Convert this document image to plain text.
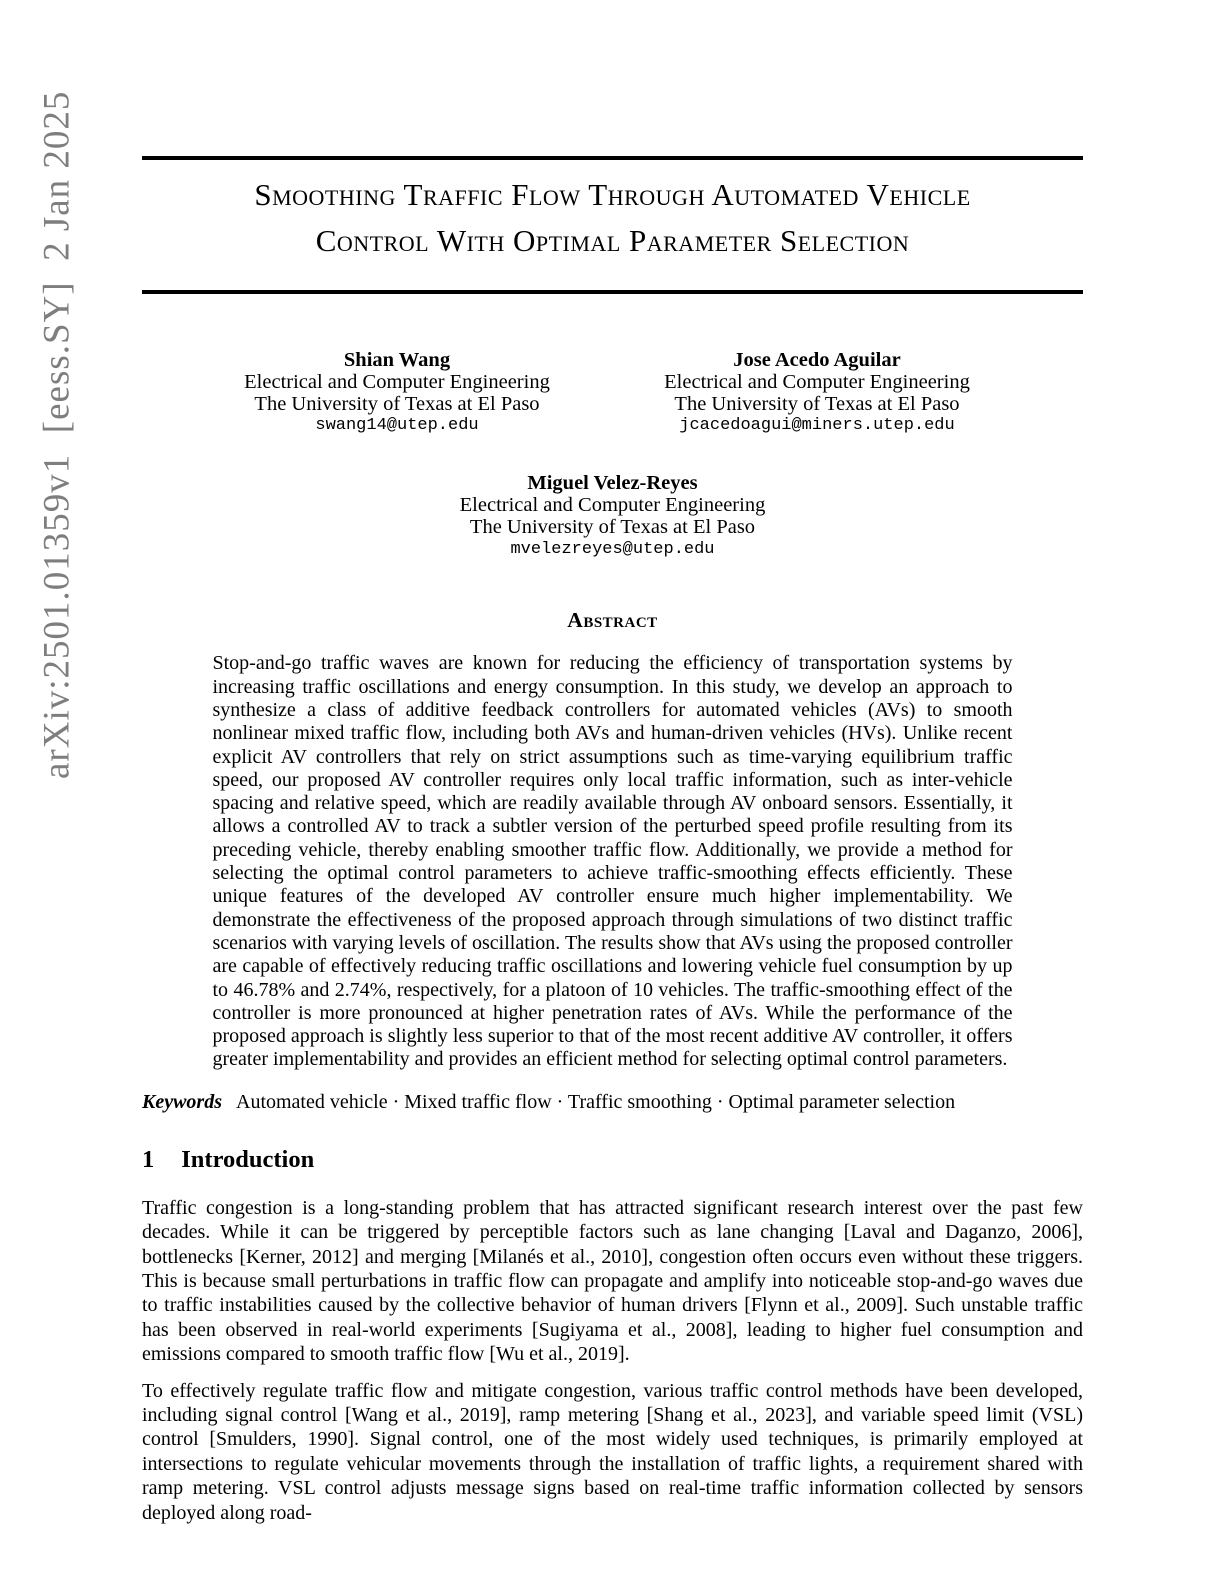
arXiv:2501.01359v1  [eess.SY]  2 Jan 2025	Smoothing Traffic Flow Through Automated Vehicle
Control With Optimal Parameter Selection
Shian Wang
Electrical and Computer Engineering
The University of Texas at El Paso
swang14@utep.edu
Jose Acedo Aguilar
Electrical and Computer Engineering
The University of Texas at El Paso
jcacedoagui@miners.utep.edu
Miguel Velez-Reyes
Electrical and Computer Engineering
The University of Texas at El Paso
mvelezreyes@utep.edu
Abstract
Stop-and-go traffic waves are known for reducing the efficiency of transportation systems by increasing traffic oscillations and energy consumption. In this study, we develop an approach to synthesize a class of additive feedback controllers for automated vehicles (AVs) to smooth nonlinear mixed traffic flow, including both AVs and human-driven vehicles (HVs). Unlike recent explicit AV controllers that rely on strict assumptions such as time-varying equilibrium traffic speed, our proposed AV controller requires only local traffic information, such as inter-vehicle spacing and relative speed, which are readily available through AV onboard sensors. Essentially, it allows a controlled AV to track a subtler version of the perturbed speed profile resulting from its preceding vehicle, thereby enabling smoother traffic flow. Additionally, we provide a method for selecting the optimal control parameters to achieve traffic-smoothing effects efficiently. These unique features of the developed AV controller ensure much higher implementability. We demonstrate the effectiveness of the proposed approach through simulations of two distinct traffic scenarios with varying levels of oscillation. The results show that AVs using the proposed controller are capable of effectively reducing traffic oscillations and lowering vehicle fuel consumption by up to 46.78% and 2.74%, respectively, for a platoon of 10 vehicles. The traffic-smoothing effect of the controller is more pronounced at higher penetration rates of AVs. While the performance of the proposed approach is slightly less superior to that of the most recent additive AV controller, it offers greater implementability and provides an efficient method for selecting optimal control parameters.
Keywords Automated vehicle · Mixed traffic flow · Traffic smoothing · Optimal parameter selection
1 Introduction

Traffic congestion is a long-standing problem that has attracted significant research interest over the past few decades. While it can be triggered by perceptible factors such as lane changing [Laval and Daganzo, 2006], bottlenecks [Kerner, 2012] and merging [Milanés et al., 2010], congestion often occurs even without these triggers. This is because small perturbations in traffic flow can propagate and amplify into noticeable stop-and-go waves due to traffic instabilities caused by the collective behavior of human drivers [Flynn et al., 2009]. Such unstable traffic has been observed in real-world experiments [Sugiyama et al., 2008], leading to higher fuel consumption and emissions compared to smooth traffic flow [Wu et al., 2019].

To effectively regulate traffic flow and mitigate congestion, various traffic control methods have been developed, including signal control [Wang et al., 2019], ramp metering [Shang et al., 2023], and variable speed limit (VSL) control [Smulders, 1990]. Signal control, one of the most widely used techniques, is primarily employed at intersections to regulate vehicular movements through the installation of traffic lights, a requirement shared with ramp metering. VSL control adjusts message signs based on real-time traffic information collected by sensors deployed along road-
